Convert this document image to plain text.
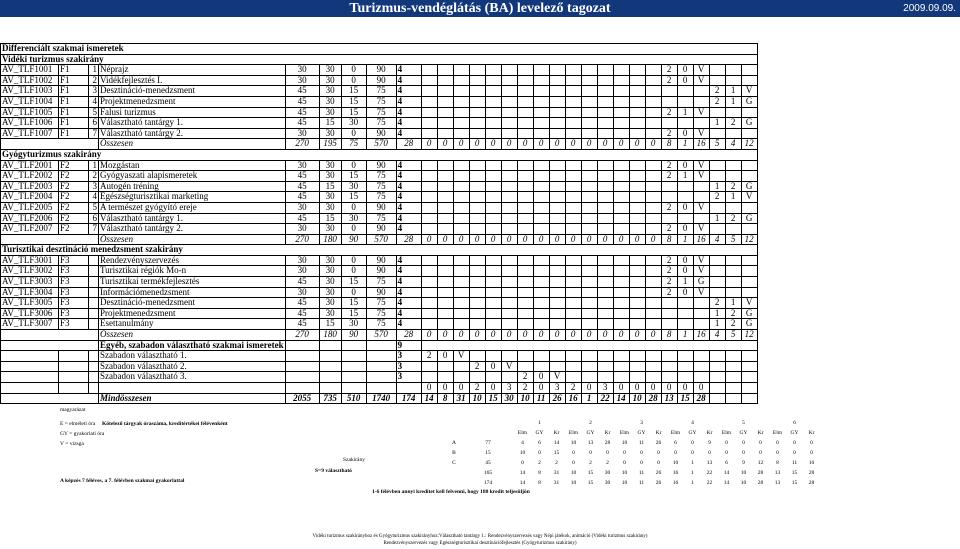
Turizmus-vendéglátás (BA) levelező tagozat	2009.09.09.
Differenciált szakmai ismeretek																													
Vidéki turizmus szakirány																													
AV_TLF1001	F1	1	Néprajz	30	30	0	90	4																2	0	V			
AV_TLF1002	F1	2	Vidékfejlesztés I.	30	30	0	90	4																2	0	V			
AV_TLF1003	F1	3	Desztináció-menedzsment	45	30	15	75	4																			2	1	V
AV_TLF1004	F1	4	Projektmenedzsment	45	30	15	75	4																			2	1	G
AV_TLF1005	F1	5	Falusi turizmus	45	30	15	75	4																2	1	V			
AV_TLF1006	F1	6	Választható tantárgy 1.	45	15	30	75	4																			1	2	G
AV_TLF1007	F1	7	Választható tantárgy 2.	30	30	0	90	4																2	0	V			
			Összesen	270	195	75	570	28	0	0	0	0	0	0	0	0	0	0	0	0	0	0	0	8	1	16	5	4	12
Gyógyturizmus szakirány																													
AV_TLF2001	F2	1	Mozgástan	30	30	0	90	4																2	0	V			
AV_TLF2002	F2	2	Gyógyaszati alapismeretek	45	30	15	75	4																2	1	V			
AV_TLF2003	F2	3	Autogén tréning	45	15	30	75	4																			1	2	G
AV_TLF2004	F2	4	Egészségturisztikai marketing	45	30	15	75	4																			2	1	V
AV_TLF2005	F2	5	A természet gyógyító ereje	30	30	0	90	4																2	0	V			
AV_TLF2006	F2	6	Választható tantárgy 1.	45	15	30	75	4																			1	2	G
AV_TLF2007	F2	7	Választható tantárgy 2.	30	30	0	90	4																2	0	V			
			Összesen	270	180	90	570	28	0	0	0	0	0	0	0	0	0	0	0	0	0	0	0	8	1	16	4	5	12
Turisztikai desztináció menedzsment szakirány																													
AV_TLF3001	F3		Rendezvényszervezés	30	30	0	90	4																2	0	V			
AV_TLF3002	F3		Turisztikai régiók Mo-n	30	30	0	90	4																2	0	V			
AV_TLF3003	F3		Turisztikai termékfejlesztés	45	30	15	75	4																2	1	G			
AV_TLF3004	F3		Információmenedzsment	30	30	0	90	4																2	0	V			
AV_TLF3005	F3		Desztináció-menedzsment	45	30	15	75	4																			2	1	V
AV_TLF3006	F3		Projektmenedzsment	45	30	15	75	4																			1	2	G
AV_TLF3007	F3		Esettanulmány	45	15	30	75	4																			1	2	G
			Összesen	270	180	90	570	28	0	0	0	0	0	0	0	0	0	0	0	0	0	0	0	8	1	16	4	5	12
			Egyéb, szabadon választható szakmai ismeretek					9																					
			Szabadon választható 1.					3	2	0	V																		
			Szabadon választható 2.					3				2	0	V															
			Szabadon választható 3.					3							2	0	V												
									0	0	0	2	0	3	2	0	3	2	0	3	0	0	0	0	0	0			
			Mindösszesen	2055	735	510	1740	174	14	8	31	10	15	30	10	11	26	16	1	22	14	10	28	13	15	28			
magyarázat
E = elméleti óra
GY = gyakorlati óra
V = vizsga
Kötelező tárgyak óraszáma, kreditértékei félévenként
A képzés 7 féléves, a 7. félévben szakmai gyakorlattal
Szakirány
S=9 választható
1-6 félévben annyi kreditet kell felvenni, hogy 180 kredit teljesüljön
			1			2			3			4			5			6		
			Elm	GY	Kr	Elm	GY	Kr	Elm	GY	Kr	Elm	GY	Kr	Elm	GY	Kr	Elm	GY	Kr
A	77		4	6	14	10	13	28	10	11	26	6	0	9	0	0	0	0	0	0
B	15		10	0	15	0	0	0	0	0	0	0	0	0	0	0	0	0	0	0
C	45		0	2	2	0	2	2	0	0	0	10	1	13	6	9	12	8	11	16
	165		14	8	31	10	15	30	10	11	26	16	1	22	14	10	28	13	15	28
	174		14	8	31	10	15	30	10	11	26	16	1	22	14	10	28	13	15	28
Vidéki turizmus szakirányhoz és Gyógyturizmus szakirányhoz:Választható tantárgy 1.: Rendezvényszervezés vagy Népi játékok, animáció (Vidéki turizmus szakirány)
Rendezvényszervezés vagy Egészségturisztikai desztinációfejlesztés (Gyógyturizmus szakirány)
